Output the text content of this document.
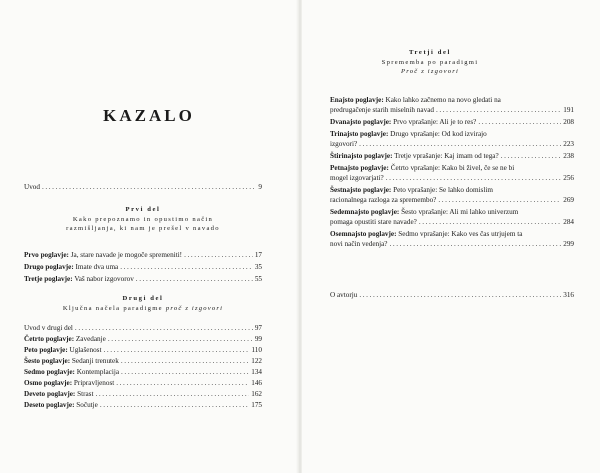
KAZALO
Uvod .....	9
Prvi del
Kako prepoznamo in opustimo način
razmišljanja, ki nam je prešel v navado
Prvo poglavje: Ja, stare navade je mogoče spremeniti! .....	17
Drugo poglavje: Imate dva uma .....	35
Tretje poglavje: Vaš nabor izgovorov .....	55
Drugi del
Ključna načela paradigme proč z izgovori
Uvod v drugi del .....	97
Četrto poglavje: Zavedanje .....	99
Peto poglavje: Uglašenost .....	110
Šesto poglavje: Sedanji trenutek .....	122
Sedmo poglavje: Kontemplacija .....	134
Osmo poglavje: Pripravljenost .....	146
Deveto poglavje: Strast .....	162
Deseto poglavje: Sočutje .....	175
Tretji del
Sprememba po paradigmi
Proč z izgovori
Enajsto poglavje: Kako lahko začnemo na novo gledati na
predrugačenje starih miselnih navad .....	191
Dvanajsto poglavje: Prvo vprašanje: Ali je to res? .....	208
Trinajsto poglavje: Drugo vprašanje: Od kod izvirajo
izgovori? .....	223
Štirinajsto poglavje: Tretje vprašanje: Kaj imam od tega? .....	238
Petnajsto poglavje: Četrto vprašanje: Kako bi živel, če se ne bi
mogel izgovarjati? .....	256
Šestnajsto poglavje: Peto vprašanje: Se lahko domislim
racionalnega razloga za spremembo? .....	269
Sedemnajsto poglavje: Šesto vprašanje: Ali mi lahko univerzum
pomaga opustiti stare navade? .....	284
Osemnajsto poglavje: Sedmo vprašanje: Kako ves čas utrjujem ta
novi način vedenja? .....	299
O avtorju .....	316
